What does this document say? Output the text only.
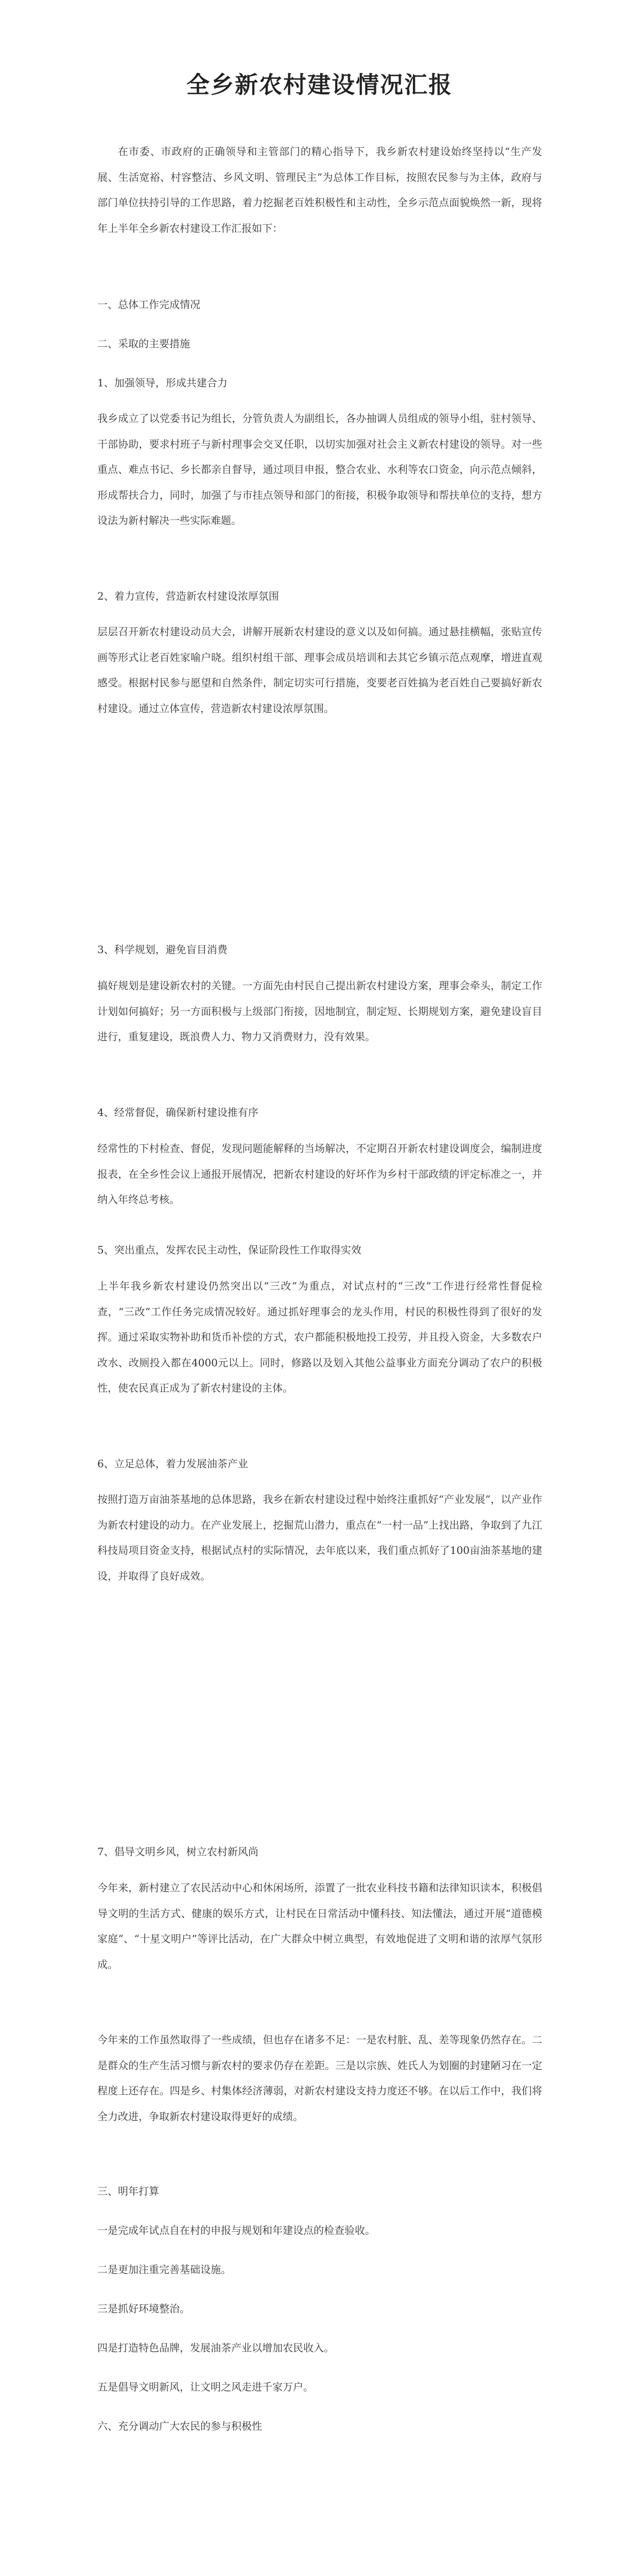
全乡新农村建设情况汇报

在市委、市政府的正确领导和主管部门的精心指导下，我乡新农村建设始终坚持以“生产发展、生活宽裕、村容整洁、乡风文明、管理民主”为总体工作目标，按照农民参与为主体，政府与部门单位扶持引导的工作思路，着力挖掘老百姓积极性和主动性，全乡示范点面貌焕然一新，现将年上半年全乡新农村建设工作汇报如下：

一、总体工作完成情况

二、采取的主要措施

1、加强领导，形成共建合力

我乡成立了以党委书记为组长，分管负责人为副组长，各办抽调人员组成的领导小组，驻村领导、干部协助，要求村班子与新村理事会交叉任职，以切实加强对社会主义新农村建设的领导。对一些重点、难点书记、乡长都亲自督导，通过项目申报，整合农业、水利等农口资金，向示范点倾斜，形成帮扶合力，同时，加强了与市挂点领导和部门的衔接，积极争取领导和帮扶单位的支持，想方设法为新村解决一些实际难题。

2、着力宣传，营造新农村建设浓厚氛围

层层召开新农村建设动员大会，讲解开展新农村建设的意义以及如何搞。通过悬挂横幅，张贴宣传画等形式让老百姓家喻户晓。组织村组干部、理事会成员培训和去其它乡镇示范点观摩，增进直观感受。根据村民参与愿望和自然条件，制定切实可行措施，变要老百姓搞为老百姓自己要搞好新农村建设。通过立体宣传，营造新农村建设浓厚氛围。

3、科学规划，避免盲目消费

搞好规划是建设新农村的关键。一方面先由村民自己提出新农村建设方案，理事会牵头，制定工作计划如何搞好；另一方面积极与上级部门衔接，因地制宜，制定短、长期规划方案，避免建设盲目进行，重复建设，既浪费人力、物力又消费财力，没有效果。

4、经常督促，确保新村建设推有序

经常性的下村检查、督促，发现问题能解释的当场解决，不定期召开新农村建设调度会，编制进度报表，在全乡性会议上通报开展情况，把新农村建设的好坏作为乡村干部政绩的评定标准之一，并纳入年终总考核。

5、突出重点，发挥农民主动性，保证阶段性工作取得实效

上半年我乡新农村建设仍然突出以“三改”为重点，对试点村的“三改”工作进行经常性督促检查，“三改”工作任务完成情况较好。通过抓好理事会的龙头作用，村民的积极性得到了很好的发挥。通过采取实物补助和货币补偿的方式，农户都能积极地投工投劳，并且投入资金，大多数农户改水、改厕投入都在4000元以上。同时，修路以及划入其他公益事业方面充分调动了农户的积极性，使农民真正成为了新农村建设的主体。

6、立足总体，着力发展油茶产业

按照打造万亩油茶基地的总体思路，我乡在新农村建设过程中始终注重抓好“产业发展”，以产业作为新农村建设的动力。在产业发展上，挖掘荒山潜力，重点在“一村一品”上找出路，争取到了九江科技局项目资金支持，根据试点村的实际情况，去年底以来，我们重点抓好了100亩油茶基地的建设，并取得了良好成效。

7、倡导文明乡风，树立农村新风尚

今年来，新村建立了农民活动中心和休闲场所，添置了一批农业科技书籍和法律知识读本，积极倡导文明的生活方式、健康的娱乐方式，让村民在日常活动中懂科技、知法懂法，通过开展“道德模家庭”、“十星文明户”等评比活动，在广大群众中树立典型，有效地促进了文明和谐的浓厚气氛形成。

今年来的工作虽然取得了一些成绩，但也存在诸多不足：一是农村脏、乱、差等现象仍然存在。二是群众的生产生活习惯与新农村的要求仍存在差距。三是以宗族、姓氏人为划圈的封建陋习在一定程度上还存在。四是乡、村集体经济薄弱，对新农村建设支持力度还不够。在以后工作中，我们将全力改进，争取新农村建设取得更好的成绩。

三、明年打算

一是完成年试点自在村的申报与规划和年建设点的检查验收。

二是更加注重完善基础设施。

三是抓好环境整治。

四是打造特色品牌，发展油茶产业以增加农民收入。

五是倡导文明新风，让文明之风走进千家万户。

六、充分调动广大农民的参与积极性
